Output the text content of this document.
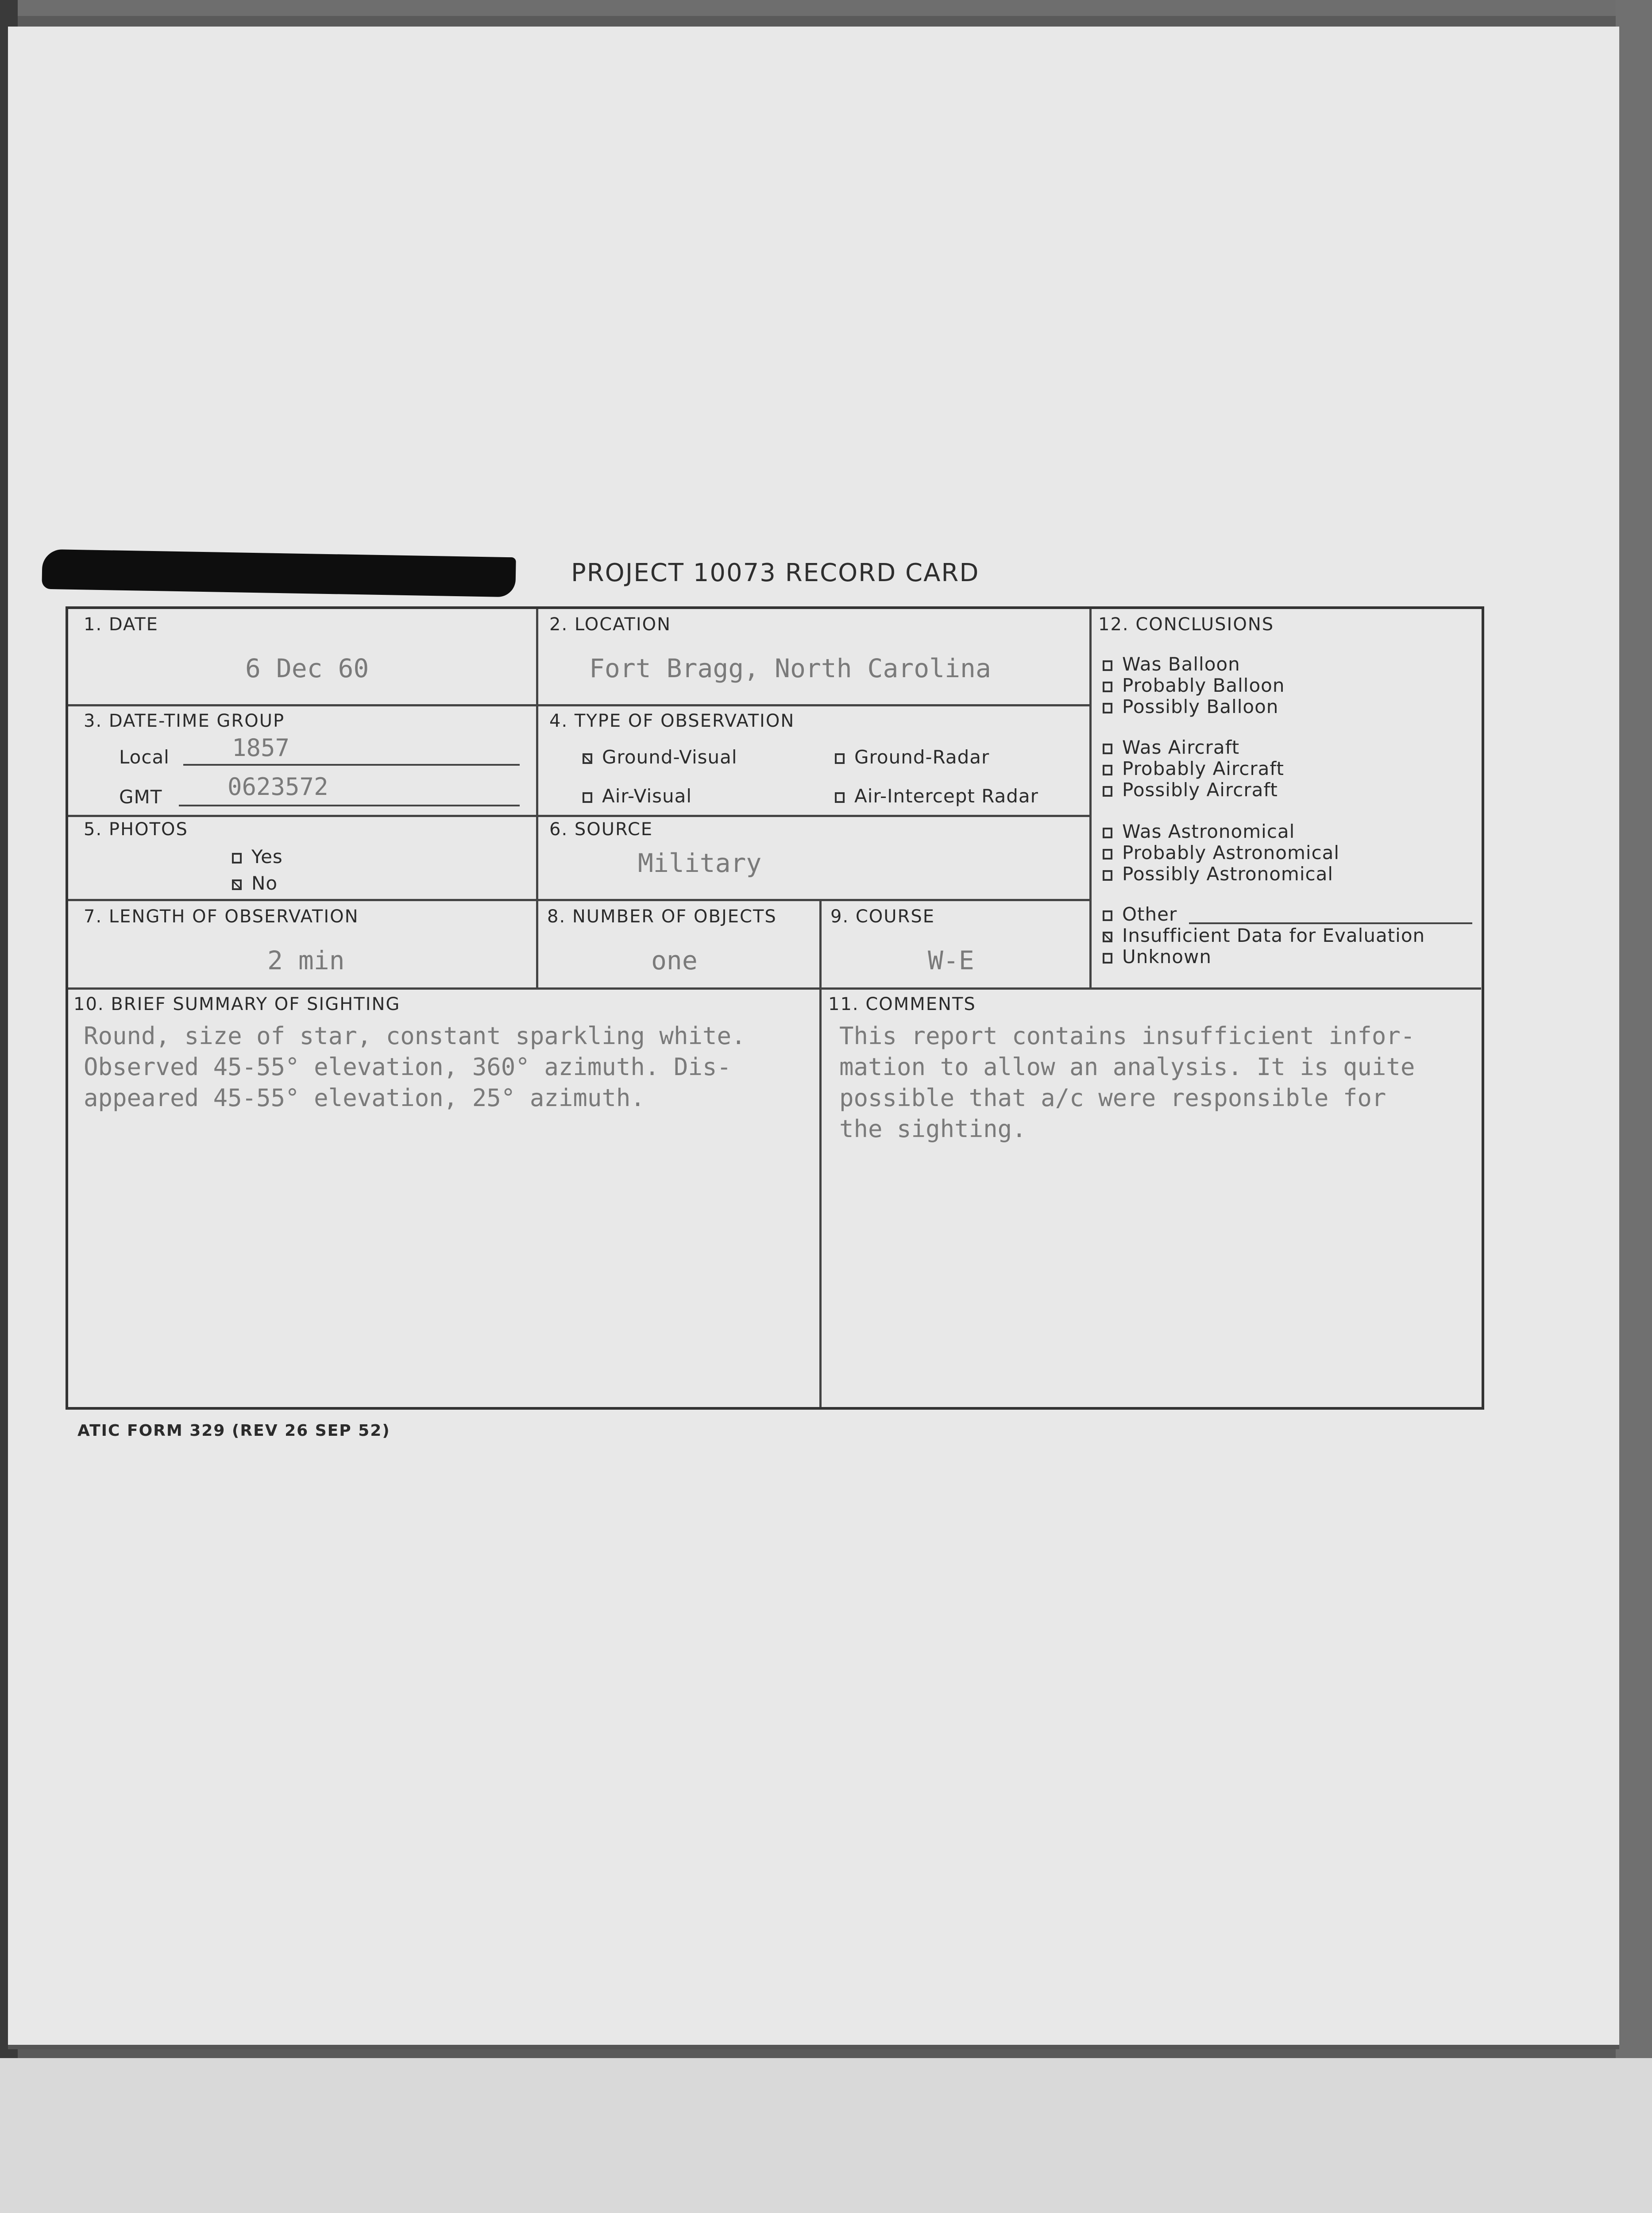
PROJECT 10073 RECORD CARD
1. DATE
6 Dec 60
2. LOCATION
Fort Bragg, North Carolina
3. DATE-TIME GROUP
Local	1857
GMT	0623572
4. TYPE OF OBSERVATION
Ground-Visual	Ground-Radar
Air-Visual	Air-Intercept Radar
5. PHOTOS
Yes
No
6. SOURCE
Military
7. LENGTH OF OBSERVATION
2 min
8. NUMBER OF OBJECTS
one
9. COURSE
W-E
12. CONCLUSIONS
Was Balloon
Probably Balloon
Possibly Balloon
Was Aircraft
Probably Aircraft
Possibly Aircraft
Was Astronomical
Probably Astronomical
Possibly Astronomical
Other
Insufficient Data for Evaluation
Unknown
10. BRIEF SUMMARY OF SIGHTING
Round, size of star, constant sparkling white.
Observed 45-55° elevation, 360° azimuth. Dis-
appeared 45-55° elevation, 25° azimuth.
11. COMMENTS
This report contains insufficient infor-
mation to allow an analysis. It is quite
possible that a/c were responsible for
the sighting.
ATIC FORM 329 (REV 26 SEP 52)
